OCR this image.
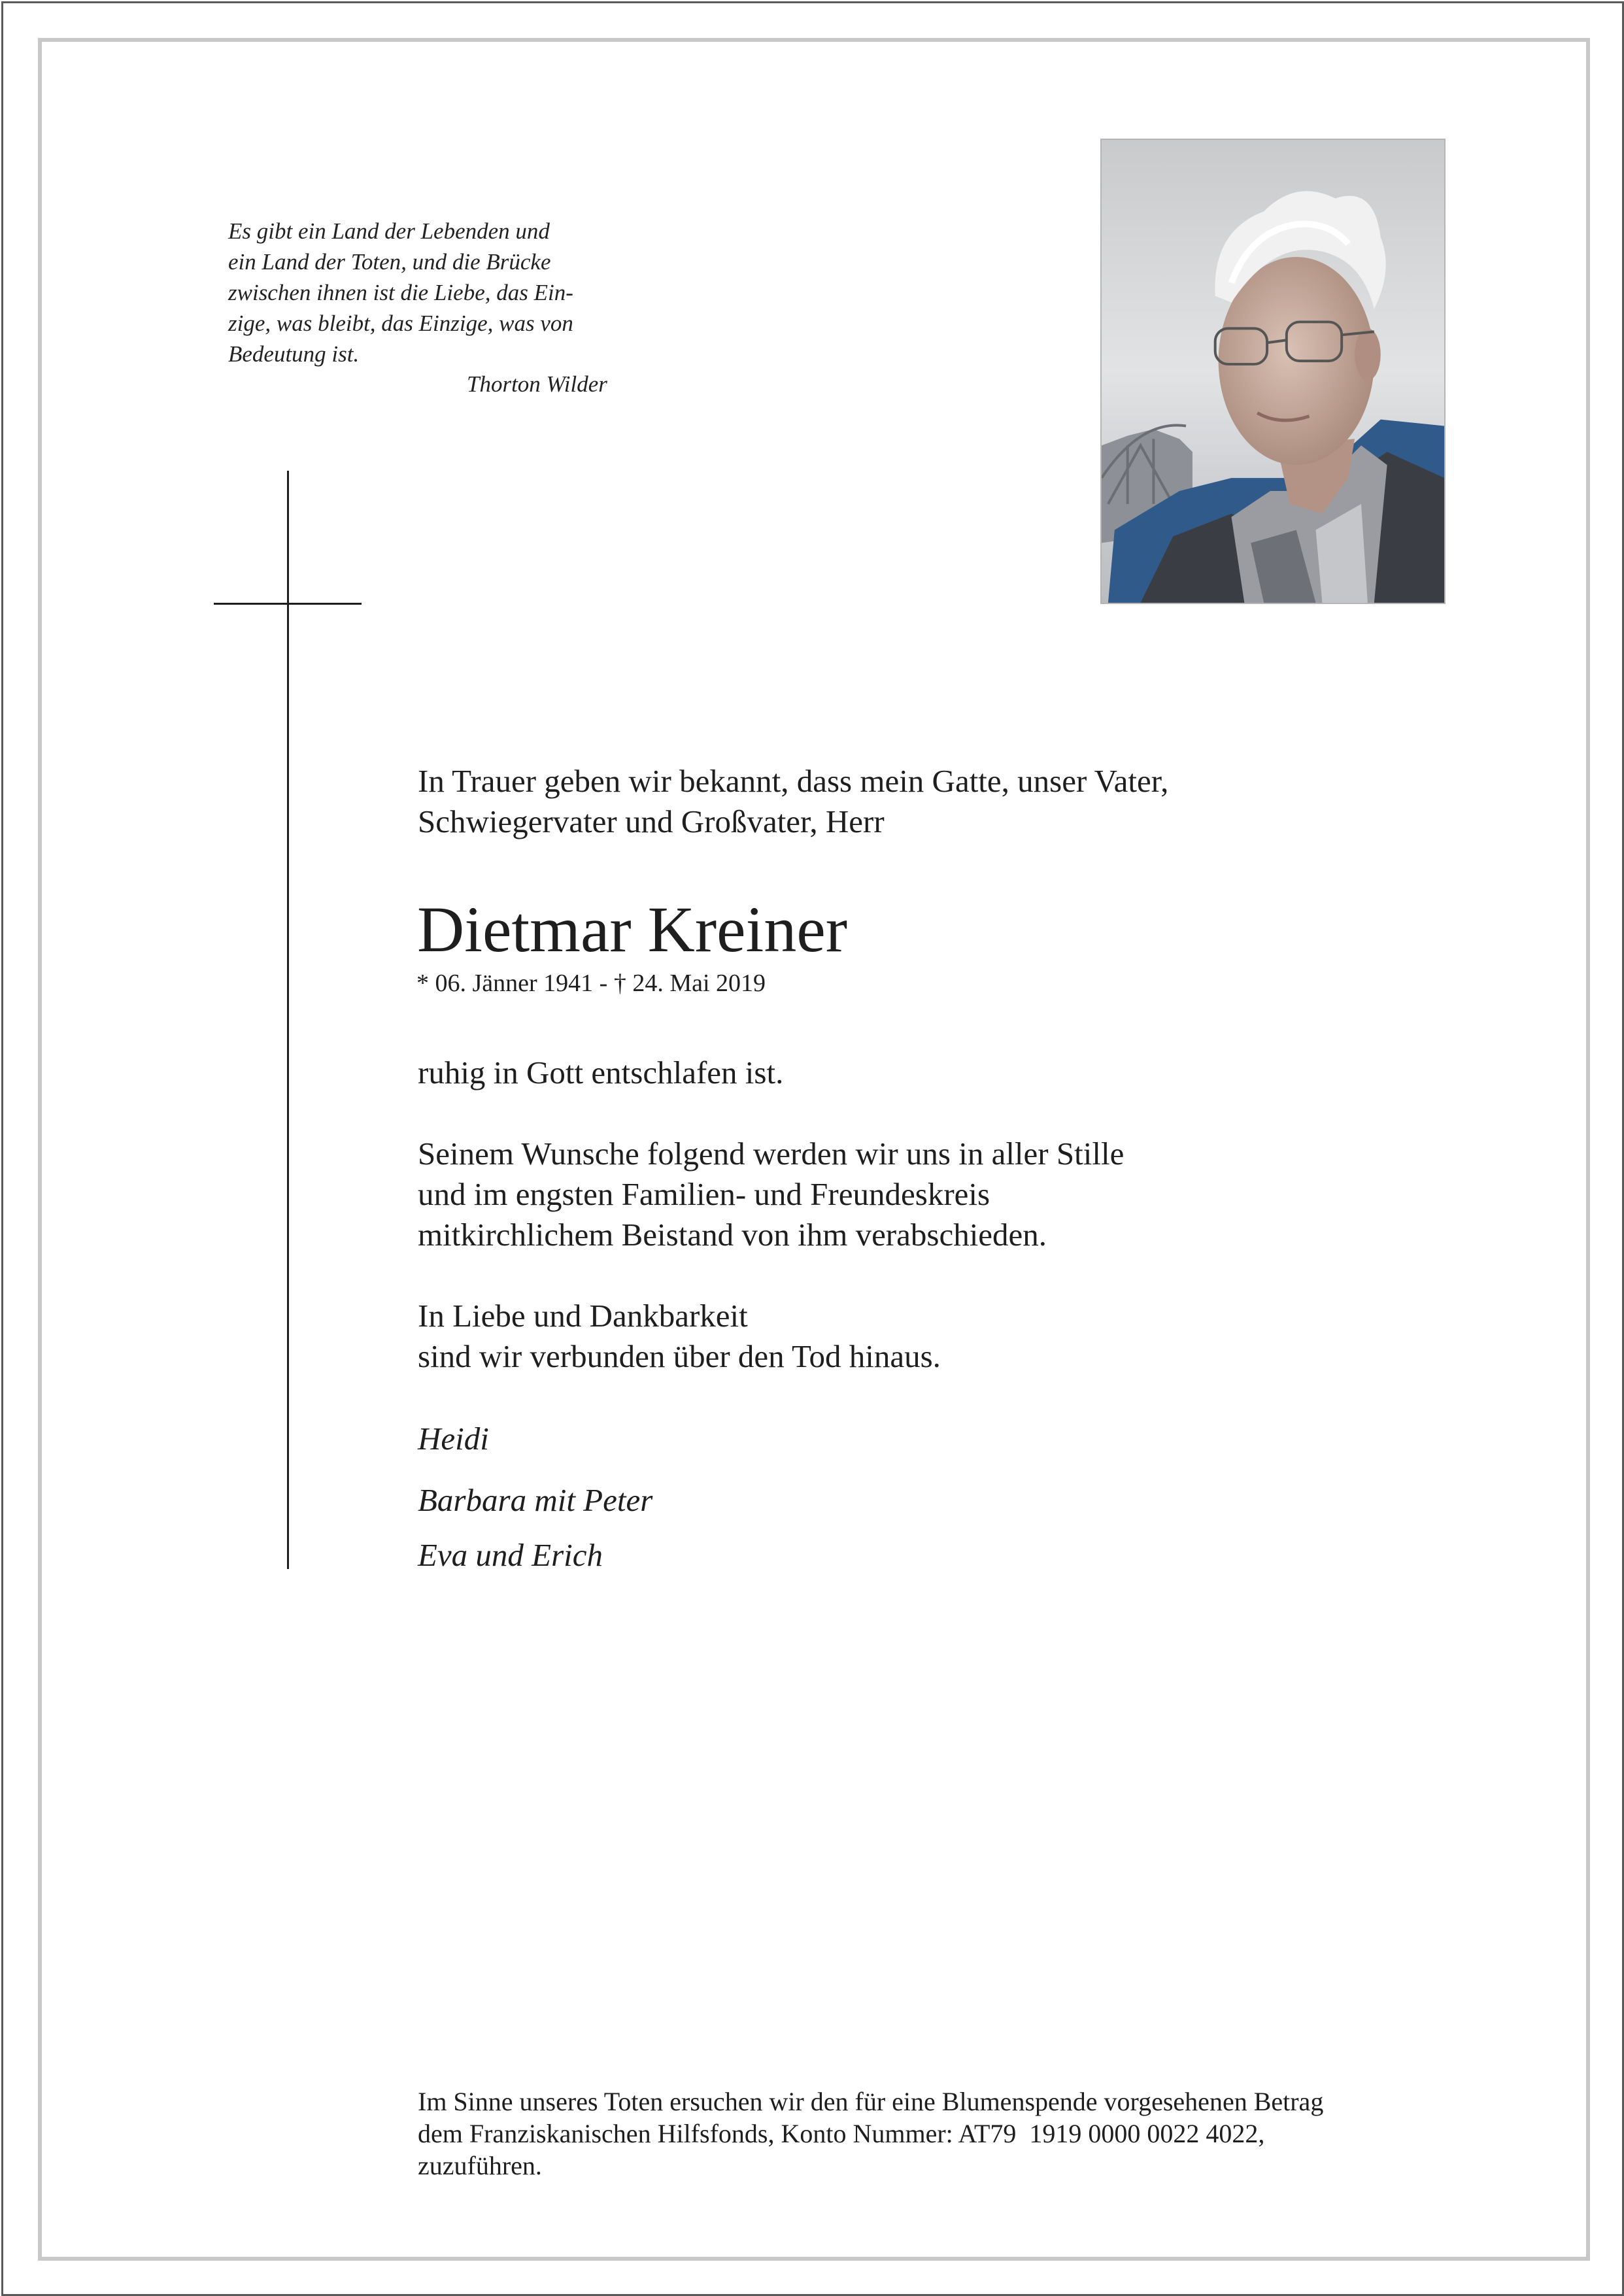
Es gibt ein Land der Lebenden und
ein Land der Toten, und die Brücke
zwischen ihnen ist die Liebe, das Ein-
zige, was bleibt, das Einzige, was von
Bedeutung ist.
Thorton Wilder
In Trauer geben wir bekannt, dass mein Gatte, unser Vater,
Schwiegervater und Großvater, Herr
Dietmar Kreiner
* 06. Jänner 1941 - † 24. Mai 2019
ruhig in Gott entschlafen ist.
Seinem Wunsche folgend werden wir uns in aller Stille
und im engsten Familien- und Freundeskreis
mitkirchlichem Beistand von ihm verabschieden.
In Liebe und Dankbarkeit
sind wir verbunden über den Tod hinaus.
Heidi
Barbara mit Peter
Eva und Erich
Im Sinne unseres Toten ersuchen wir den für eine Blumenspende vorgesehenen Betrag
dem Franziskanischen Hilfsfonds, Konto Nummer: AT79  1919 0000 0022 4022,
zuzuführen.
